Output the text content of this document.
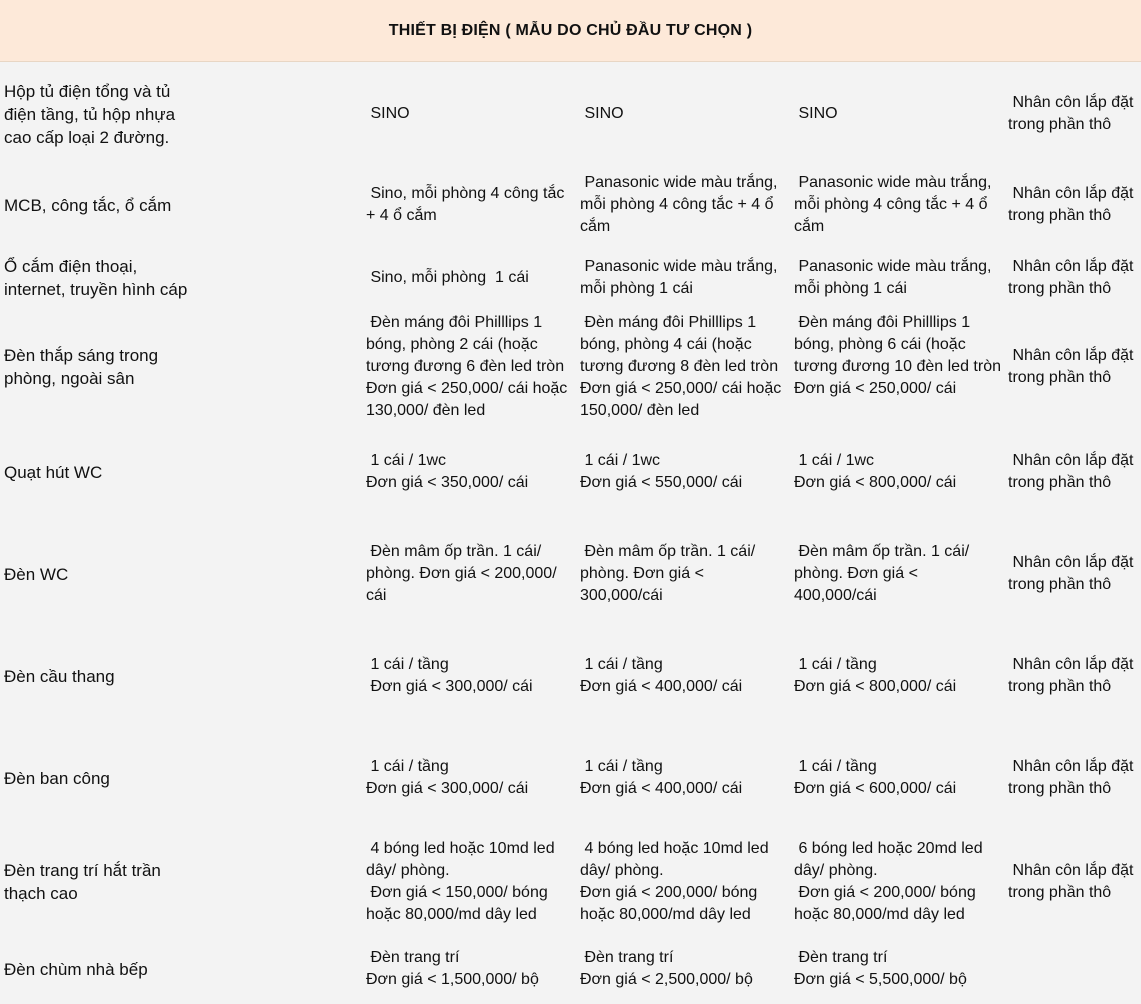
THIẾT BỊ ĐIỆN ( MẪU DO CHỦ ĐẦU TƯ CHỌN )
Hộp tủ điện tổng và tủ điện tầng, tủ hộp nhựa cao cấp loại 2 đường.
SINO	SINO	SINO
Nhân côn lắp đặt trong phần thô
MCB, công tắc, ổ cắm
Sino, mỗi phòng 4 công tắc + 4 ổ cắm
Panasonic wide màu trắng, mỗi phòng 4 công tắc + 4 ổ cắm
Panasonic wide màu trắng, mỗi phòng 4 công tắc + 4 ổ cắm
Nhân côn lắp đặt trong phần thô
Ổ cắm điện thoại, internet, truyền hình cáp
Sino, mỗi phòng  1 cái
Panasonic wide màu trắng, mỗi phòng 1 cái
Panasonic wide màu trắng, mỗi phòng 1 cái
Nhân côn lắp đặt trong phần thô
Đèn thắp sáng trong phòng, ngoài sân
Đèn máng đôi Philllips 1 bóng, phòng 2 cái (hoặc tương đương 6 đèn led tròn
Đơn giá < 250,000/ cái hoặc 130,000/ đèn led
Đèn máng đôi Philllips 1 bóng, phòng 4 cái (hoặc tương đương 8 đèn led tròn
Đơn giá < 250,000/ cái hoặc 150,000/ đèn led
Đèn máng đôi Philllips 1 bóng, phòng 6 cái (hoặc tương đương 10 đèn led tròn
Đơn giá < 250,000/ cái
Nhân côn lắp đặt trong phần thô
Quạt hút WC
1 cái / 1wc
Đơn giá < 350,000/ cái
1 cái / 1wc
Đơn giá < 550,000/ cái
1 cái / 1wc
Đơn giá < 800,000/ cái
Nhân côn lắp đặt trong phần thô
Đèn WC
Đèn mâm ốp trần. 1 cái/ phòng. Đơn giá < 200,000/ cái
Đèn mâm ốp trần. 1 cái/ phòng. Đơn giá < 300,000/cái
Đèn mâm ốp trần. 1 cái/ phòng. Đơn giá < 400,000/cái
Nhân côn lắp đặt trong phần thô
Đèn cầu thang
1 cái / tầng
Đơn giá < 300,000/ cái
1 cái / tầng
Đơn giá < 400,000/ cái
1 cái / tầng
Đơn giá < 800,000/ cái
Nhân côn lắp đặt trong phần thô
Đèn ban công
1 cái / tầng
Đơn giá < 300,000/ cái
1 cái / tầng
Đơn giá < 400,000/ cái
1 cái / tầng
Đơn giá < 600,000/ cái
Nhân côn lắp đặt trong phần thô
Đèn trang trí hắt trần thạch cao
4 bóng led hoặc 10md led dây/ phòng.
Đơn giá < 150,000/ bóng hoặc 80,000/md dây led
4 bóng led hoặc 10md led dây/ phòng.
Đơn giá < 200,000/ bóng hoặc 80,000/md dây led
6 bóng led hoặc 20md led dây/ phòng.
Đơn giá < 200,000/ bóng hoặc 80,000/md dây led
Nhân côn lắp đặt trong phần thô
Đèn chùm nhà bếp
Đèn trang trí
Đơn giá < 1,500,000/ bộ
Đèn trang trí
Đơn giá < 2,500,000/ bộ
Đèn trang trí
Đơn giá < 5,500,000/ bộ
